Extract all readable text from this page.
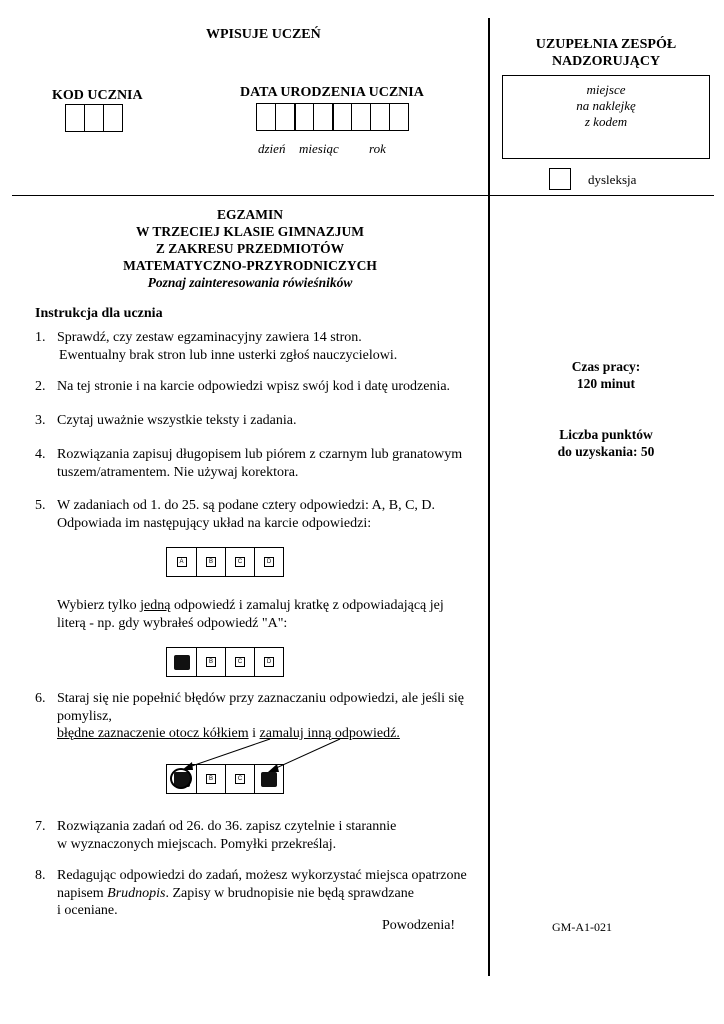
WPISUJE UCZEŃ
KOD UCZNIA	DATA URODZENIA UCZNIA
dzień miesiąc rok
UZUPEŁNIA ZESPÓŁ NADZORUJĄCY
miejsce
na naklejkę
z kodem
dysleksja
EGZAMIN
W TRZECIEJ KLASIE GIMNAZJUM
Z ZAKRESU PRZEDMIOTÓW
MATEMATYCZNO-PRZYRODNICZYCH
Poznaj zainteresowania rówieśników
Instrukcja dla ucznia
1. Sprawdź, czy zestaw egzaminacyjny zawiera 14 stron.
Ewentualny brak stron lub inne usterki zgłoś nauczycielowi.
2. Na tej stronie i na karcie odpowiedzi wpisz swój kod i datę urodzenia.
3. Czytaj uważnie wszystkie teksty i zadania.
4. Rozwiązania zapisuj długopisem lub piórem z czarnym lub granatowym
tuszem/atramentem. Nie używaj korektora.
5. W zadaniach od 1. do 25. są podane cztery odpowiedzi: A, B, C, D.
Odpowiada im następujący układ na karcie odpowiedzi:
A	B	C	D
Wybierz tylko jedną odpowiedź i zamaluj kratkę z odpowiadającą jej
literą - np. gdy wybrałeś odpowiedź "A":
B	C	D
6. Staraj się nie popełnić błędów przy zaznaczaniu odpowiedzi, ale jeśli się
pomylisz,
błędne zaznaczenie otocz kółkiem i zamaluj inną odpowiedź.
B	C
7. Rozwiązania zadań od 26. do 36. zapisz czytelnie i starannie
w wyznaczonych miejscach. Pomyłki przekreślaj.
8. Redagując odpowiedzi do zadań, możesz wykorzystać miejsca opatrzone
napisem Brudnopis. Zapisy w brudnopisie nie będą sprawdzane
i oceniane.
Powodzenia!
Czas pracy:
120 minut
Liczba punktów
do uzyskania: 50
GM-A1-021
